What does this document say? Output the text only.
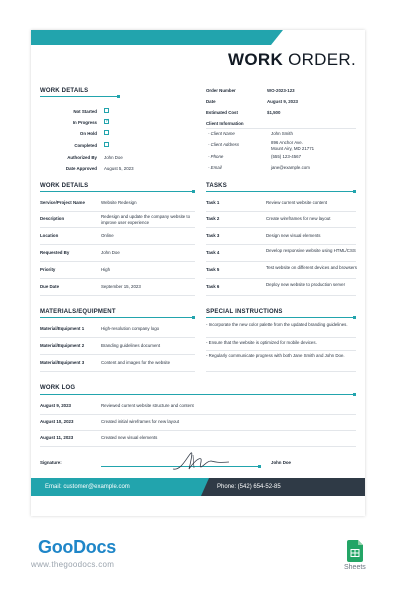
WORK ORDER.
WORK DETAILS
Not Started
In Progress
✓
On Hold
Completed
Authorized By John Doe
Date Approved August 5, 2023
Order Number	WO-2023-123
Date	August 9, 2023
Estimated Cost	$1,500
Client Information
- Client Name	John Smith
- Client Address	896 Anchor Ave.
Mount Airy, MD 21771
- Phone	(555) 123-4567
- Email	jane@example.com
WORK DETAILS
Service/Project Name	Website Redesign
Description	Redesign and update the company website to improve user experience
Location	Online
Requested By	John Doe
Priority	High
Due Date	September 15, 2023
TASKS
Task 1	Review current website content
Task 2	Create wireframes for new layout
Task 3	Design new visual elements
Task 4	Develop responsive website using HTML/CSS
Task 5	Test website on different devices and browsers
Task 6	Deploy new website to production server
MATERIALS/EQUIPMENT
Material/Equipment 1	High-resolution company logo
Material/Equipment 2	Branding guidelines document
Material/Equipment 3	Content and images for the website
SPECIAL INSTRUCTIONS
- Incorporate the new color palette from the updated branding guidelines.
- Ensure that the website is optimized for mobile devices.
- Regularly communicate progress with both Jane Smith and John Doe.
WORK LOG
August 9, 2023	Reviewed current website structure and content
August 10, 2023	Created initial wireframes for new layout
August 11, 2023	Created new visual elements
Signature:	John Doe
Email: customer@example.com	Phone: (542) 654-52-85
GooDocs
www.thegoodocs.com	Sheets
